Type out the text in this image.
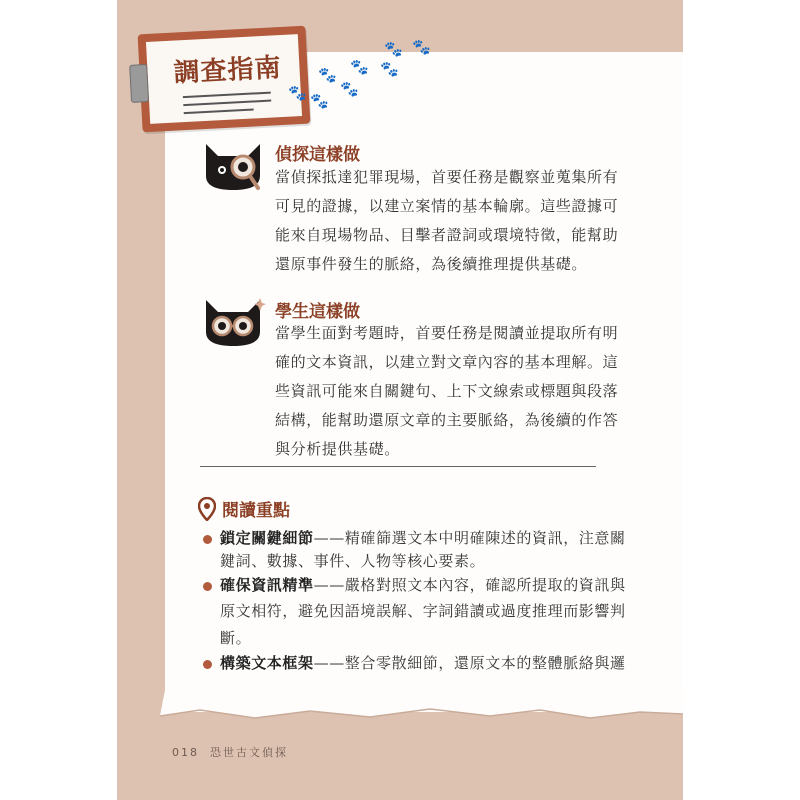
調查指南
🐾 🐾
🐾 🐾
🐾
🐾
🐾 🐾
偵探這樣做
當偵探抵達犯罪現場，首要任務是觀察並蒐集所有
可見的證據，以建立案情的基本輪廓。這些證據可
能來自現場物品、目擊者證詞或環境特徵，能幫助
還原事件發生的脈絡，為後續推理提供基礎。
學生這樣做
當學生面對考題時，首要任務是閱讀並提取所有明
確的文本資訊，以建立對文章內容的基本理解。這
些資訊可能來自關鍵句、上下文線索或標題與段落
結構，能幫助還原文章的主要脈絡，為後續的作答
與分析提供基礎。
閱讀重點
鎖定關鍵細節——精確篩選文本中明確陳述的資訊，注意關
鍵詞、數據、事件、人物等核心要素。
確保資訊精準——嚴格對照文本內容，確認所提取的資訊與
原文相符，避免因語境誤解、字詞錯讀或過度推理而影響判
斷。
構築文本框架——整合零散細節，還原文本的整體脈絡與邏
018 恐世古文偵探
